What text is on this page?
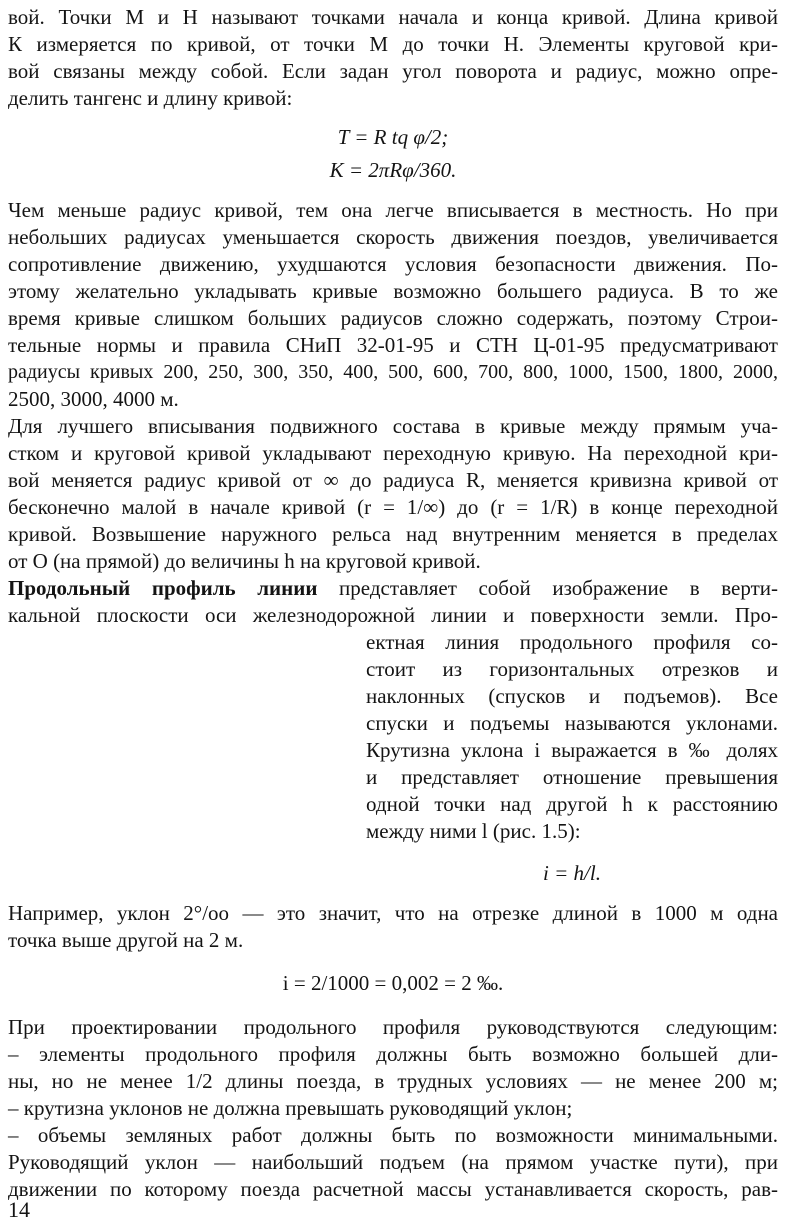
вой. Точки М и Н называют точками начала и конца кривой. Длина кривой
К измеряется по кривой, от точки М до точки Н. Элементы круговой кри-
вой связаны между собой. Если задан угол поворота и радиус, можно опре-
делить тангенс и длину кривой:
T = R tq φ/2;
K = 2πRφ/360.
Чем меньше радиус кривой, тем она легче вписывается в местность. Но при
небольших радиусах уменьшается скорость движения поездов, увеличивается
сопротивление движению, ухудшаются условия безопасности движения. По-
этому желательно укладывать кривые возможно большего радиуса. В то же
время кривые слишком больших радиусов сложно содержать, поэтому Строи-
тельные нормы и правила СНиП 32-01-95 и СТН Ц-01-95 предусматривают
радиусы кривых 200, 250, 300, 350, 400, 500, 600, 700, 800, 1000, 1500, 1800, 2000,
2500, 3000, 4000 м.
Для лучшего вписывания подвижного состава в кривые между прямым уча-
стком и круговой кривой укладывают переходную кривую. На переходной кри-
вой меняется радиус кривой от ∞ до радиуса R, меняется кривизна кривой от
бесконечно малой в начале кривой (r = 1/∞) до (r = 1/R) в конце переходной
кривой. Возвышение наружного рельса над внутренним меняется в пределах
от O (на прямой) до величины h на круговой кривой.
Продольный профиль линии представляет собой изображение в верти-
кальной плоскости оси железнодорожной линии и поверхности земли. Про-
ектная линия продольного профиля со-
стоит из горизонтальных отрезков и
наклонных (спусков и подъемов). Все
спуски и подъемы называются уклонами.
Крутизна уклона i выражается в ‰ долях
и представляет отношение превышения
одной точки над другой h к расстоянию
между ними l (рис. 1.5):
i = h/l.
Например, уклон 2°/оо — это значит, что на отрезке длиной в 1000 м одна
точка выше другой на 2 м.
i = 2/1000 = 0,002 = 2 ‰.
При проектировании продольного профиля руководствуются следующим:
– элементы продольного профиля должны быть возможно большей дли-
ны, но не менее 1/2 длины поезда, в трудных условиях — не менее 200 м;
– крутизна уклонов не должна превышать руководящий уклон;
– объемы земляных работ должны быть по возможности минимальными.
Руководящий уклон — наибольший подъем (на прямом участке пути), при
движении по которому поезда расчетной массы устанавливается скорость, рав-
14
